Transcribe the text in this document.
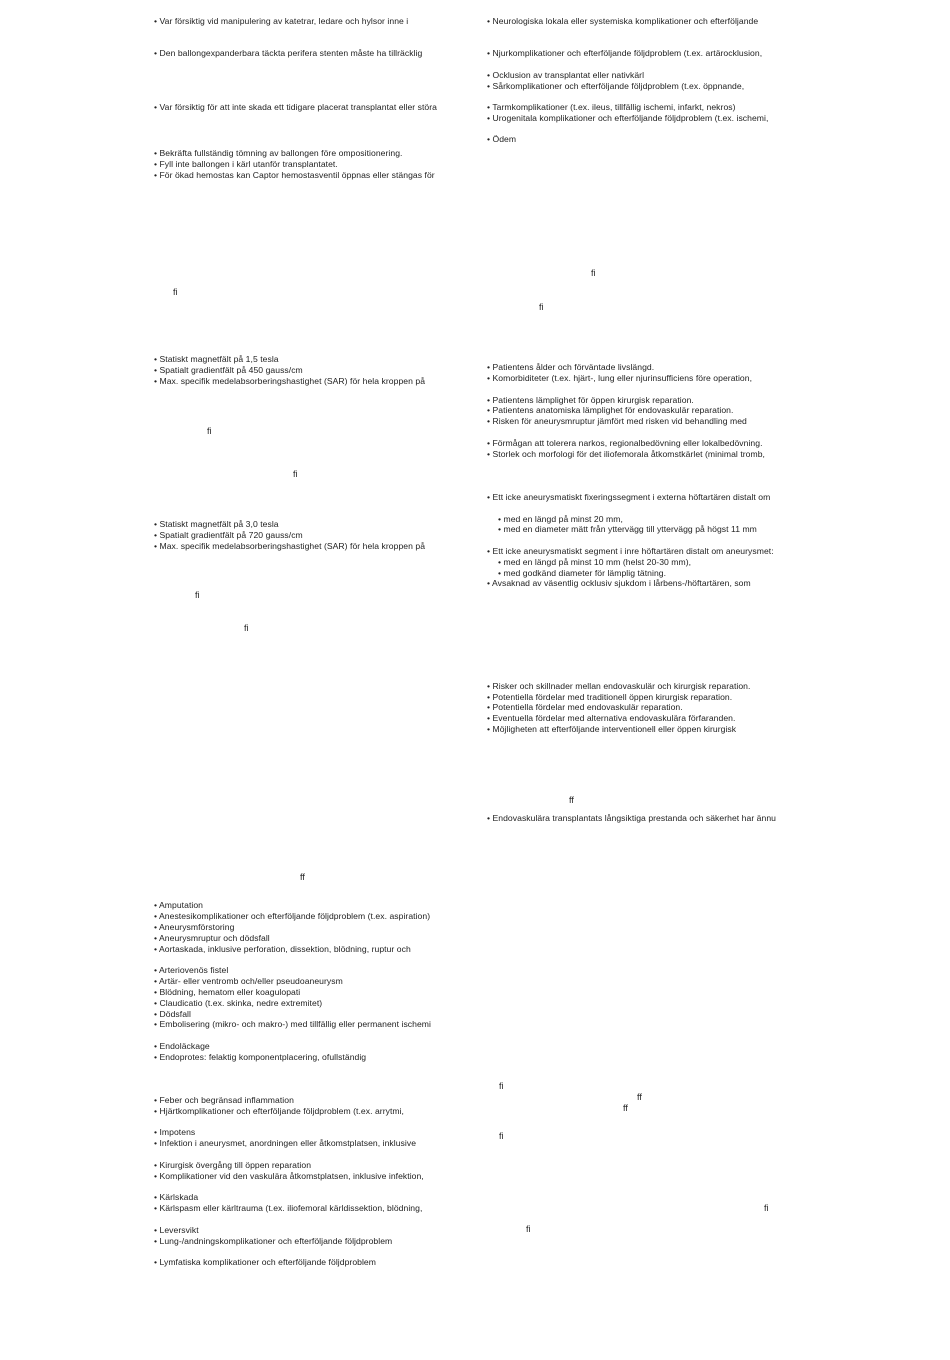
• Var försiktig vid manipulering av katetrar, ledare och hylsor inne i
• Den ballongexpanderbara täckta perifera stenten måste ha tillräcklig
• Var försiktig för att inte skada ett tidigare placerat transplantat eller störa
• Bekräfta fullständig tömning av ballongen före ompositionering.
• Fyll inte ballongen i kärl utanför transplantatet.
• För ökad hemostas kan Captor hemostasventil öppnas eller stängas för
fi
• Statiskt magnetfält på 1,5 tesla
• Spatialt gradientfält på 450 gauss/cm
• Max. specifik medelabsorberingshastighet (SAR) för hela kroppen på
fi
fi
• Statiskt magnetfält på 3,0 tesla
• Spatialt gradientfält på 720 gauss/cm
• Max. specifik medelabsorberingshastighet (SAR) för hela kroppen på
fi
fi
ff
• Amputation
• Anestesikomplikationer och efterföljande följdproblem (t.ex. aspiration)
• Aneurysmförstoring
• Aneurysmruptur och dödsfall
• Aortaskada, inklusive perforation, dissektion, blödning, ruptur och
• Arteriovenös fistel
• Artär- eller ventromb och/eller pseudoaneurysm
• Blödning, hematom eller koagulopati
• Claudicatio (t.ex. skinka, nedre extremitet)
• Dödsfall
• Embolisering (mikro- och makro-) med tillfällig eller permanent ischemi
• Endoläckage
• Endoprotes: felaktig komponentplacering, ofullständig
• Feber och begränsad inflammation
• Hjärtkomplikationer och efterföljande följdproblem (t.ex. arrytmi,
• Impotens
• Infektion i aneurysmet, anordningen eller åtkomstplatsen, inklusive
• Kirurgisk övergång till öppen reparation
• Komplikationer vid den vaskulära åtkomstplatsen, inklusive infektion,
• Kärlskada
• Kärlspasm eller kärltrauma (t.ex. iliofemoral kärldissektion, blödning,
• Leversvikt
• Lung-/andningskomplikationer och efterföljande följdproblem
• Lymfatiska komplikationer och efterföljande följdproblem
• Neurologiska lokala eller systemiska komplikationer och efterföljande
• Njurkomplikationer och efterföljande följdproblem (t.ex. artärocklusion,
• Ocklusion av transplantat eller nativkärl
• Sårkomplikationer och efterföljande följdproblem (t.ex. öppnande,
• Tarmkomplikationer (t.ex. ileus, tillfällig ischemi, infarkt, nekros)
• Urogenitala komplikationer och efterföljande följdproblem (t.ex. ischemi,
• Ödem
fi
fi
• Patientens ålder och förväntade livslängd.
• Komorbiditeter (t.ex. hjärt-, lung eller njurinsufficiens före operation,
• Patientens lämplighet för öppen kirurgisk reparation.
• Patientens anatomiska lämplighet för endovaskulär reparation.
• Risken för aneurysmruptur jämfört med risken vid behandling med
• Förmågan att tolerera narkos, regionalbedövning eller lokalbedövning.
• Storlek och morfologi för det iliofemorala åtkomstkärlet (minimal tromb,
• Ett icke aneurysmatiskt fixeringssegment i externa höftartären distalt om
• med en längd på minst 20 mm,
• med en diameter mätt från yttervägg till yttervägg på högst 11 mm
• Ett icke aneurysmatiskt segment i inre höftartären distalt om aneurysmet:
• med en längd på minst 10 mm (helst 20-30 mm),
• med godkänd diameter för lämplig tätning.
• Avsaknad av väsentlig ocklusiv sjukdom i lårbens-/höftartären, som
• Risker och skillnader mellan endovaskulär och kirurgisk reparation.
• Potentiella fördelar med traditionell öppen kirurgisk reparation.
• Potentiella fördelar med endovaskulär reparation.
• Eventuella fördelar med alternativa endovaskulära förfaranden.
• Möjligheten att efterföljande interventionell eller öppen kirurgisk
ff
• Endovaskulära transplantats långsiktiga prestanda och säkerhet har ännu
fi
ff
ff
fi
fi
fi
